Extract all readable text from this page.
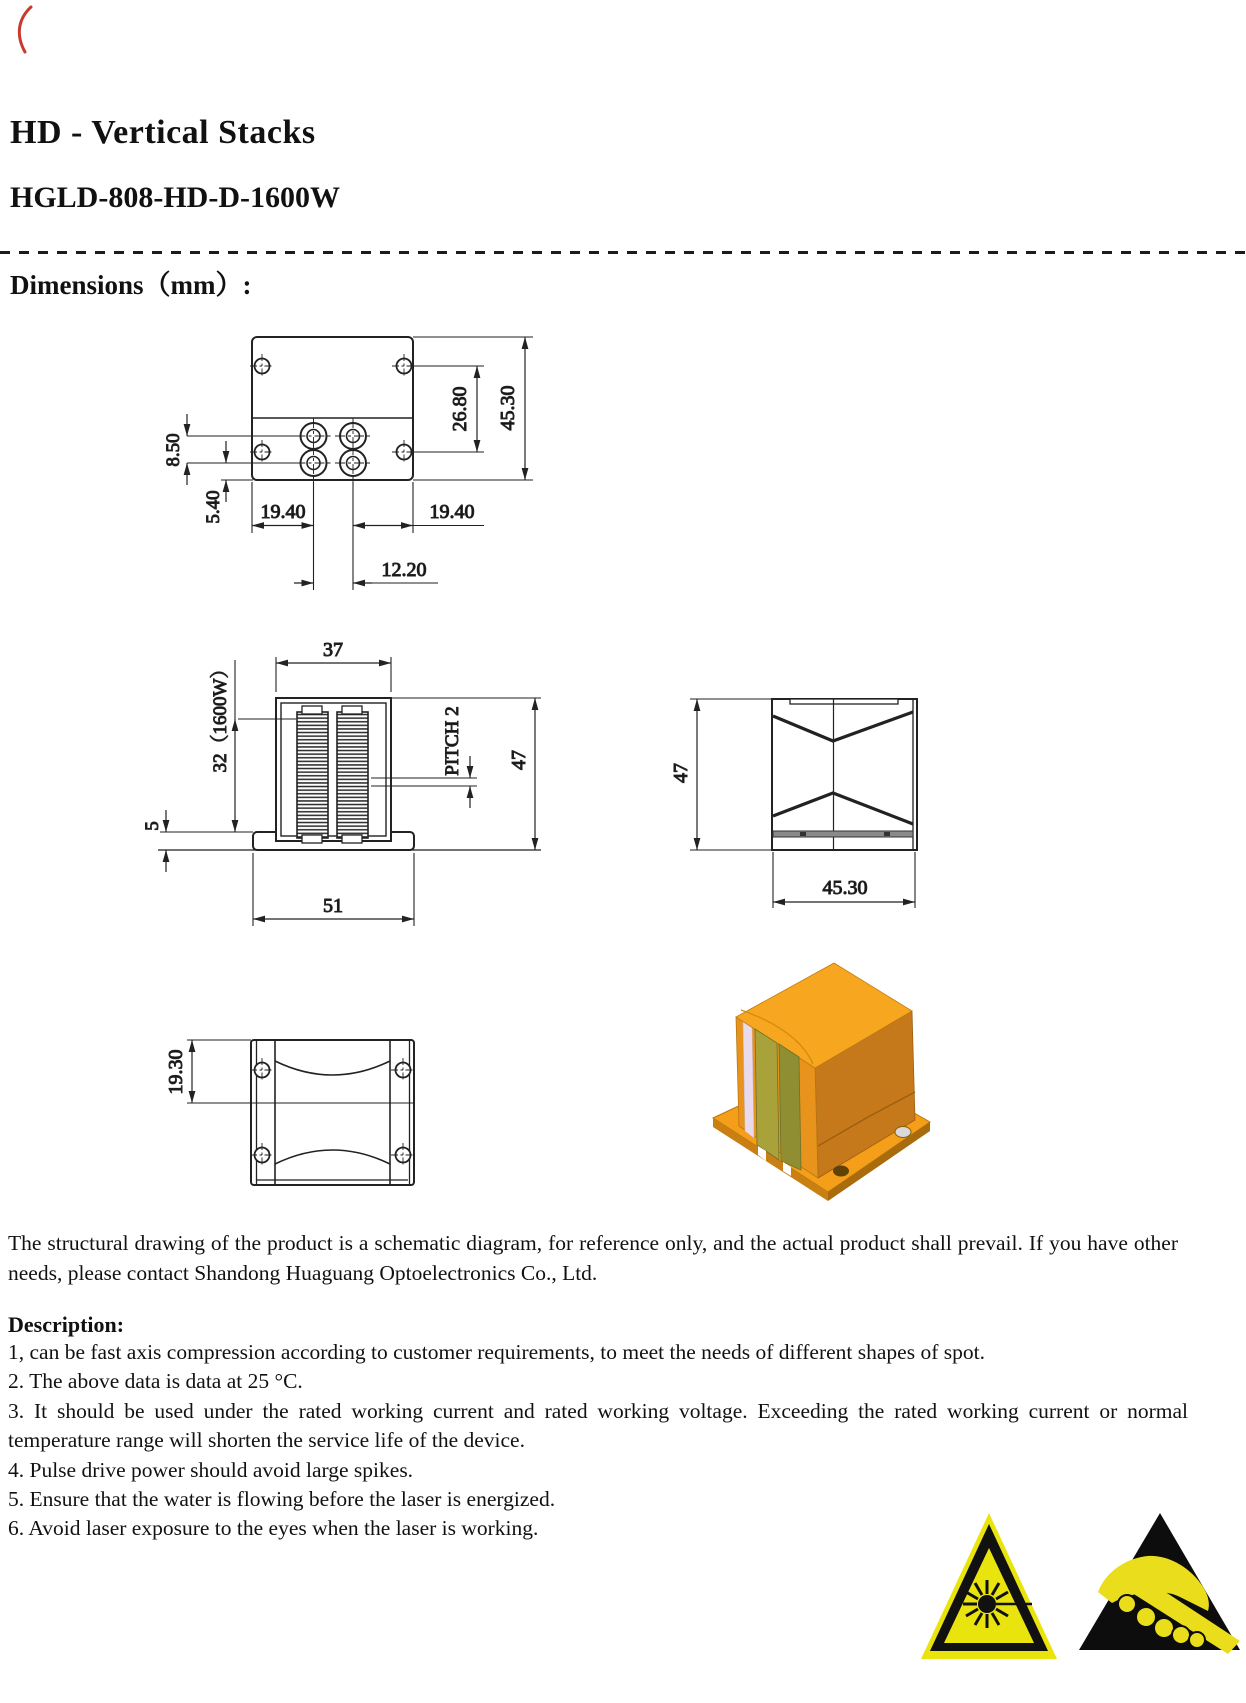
8.50
5.40 19.40	19.40
12.20
26.80 45.30
37
32（1600W）	PITCH 2
5
47
51
47
45.30
19.30
HD - Vertical Stacks
HGLD-808-HD-D-1600W
Dimensions（mm）:

The structural drawing of the product is a schematic diagram, for reference only, and the actual product shall prevail. If you have other needs, please contact Shandong Huaguang Optoelectronics Co., Ltd.

Description:
1, can be fast axis compression according to customer requirements, to meet the needs of different shapes of spot.
2. The above data is data at 25 °C.
3. It should be used under the rated working current and rated working voltage. Exceeding the rated working current or normal temperature range will shorten the service life of the device.
4. Pulse drive power should avoid large spikes.
5. Ensure that the water is flowing before the laser is energized.
6. Avoid laser exposure to the eyes when the laser is working.
